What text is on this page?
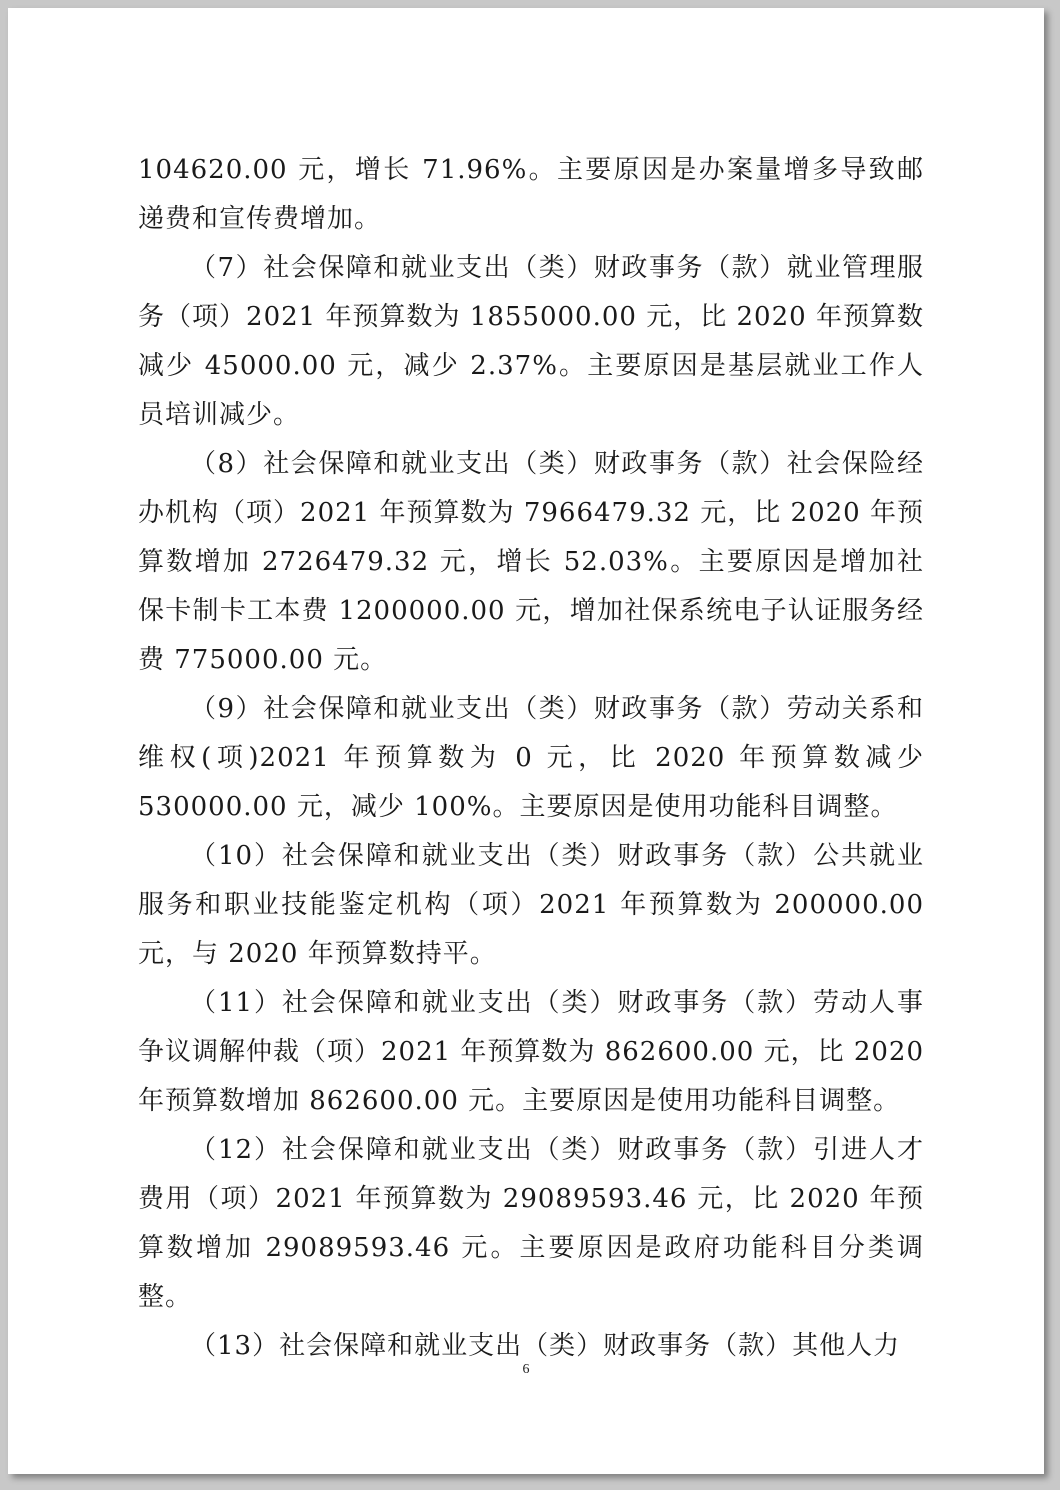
104620.00 元，增长 71.96%。主要原因是办案量增多导致邮递费和宣传费增加。

（7）社会保障和就业支出（类）财政事务（款）就业管理服务（项）2021 年预算数为 1855000.00 元，比 2020 年预算数减少 45000.00 元，减少 2.37%。主要原因是基层就业工作人员培训减少。

（8）社会保障和就业支出（类）财政事务（款）社会保险经办机构（项）2021 年预算数为 7966479.32 元，比 2020 年预算数增加 2726479.32 元，增长 52.03%。主要原因是增加社保卡制卡工本费 1200000.00 元，增加社保系统电子认证服务经费 775000.00 元。

（9）社会保障和就业支出（类）财政事务（款）劳动关系和维权(项)2021 年预算数为 0 元，比 2020 年预算数减少 530000.00 元，减少 100%。主要原因是使用功能科目调整。

（10）社会保障和就业支出（类）财政事务（款）公共就业服务和职业技能鉴定机构（项）2021 年预算数为 200000.00 元，与 2020 年预算数持平。

（11）社会保障和就业支出（类）财政事务（款）劳动人事争议调解仲裁（项）2021 年预算数为 862600.00 元，比 2020 年预算数增加 862600.00 元。主要原因是使用功能科目调整。

（12）社会保障和就业支出（类）财政事务（款）引进人才费用（项）2021 年预算数为 29089593.46 元，比 2020 年预算数增加 29089593.46 元。主要原因是政府功能科目分类调整。

（13）社会保障和就业支出（类）财政事务（款）其他人力

6
